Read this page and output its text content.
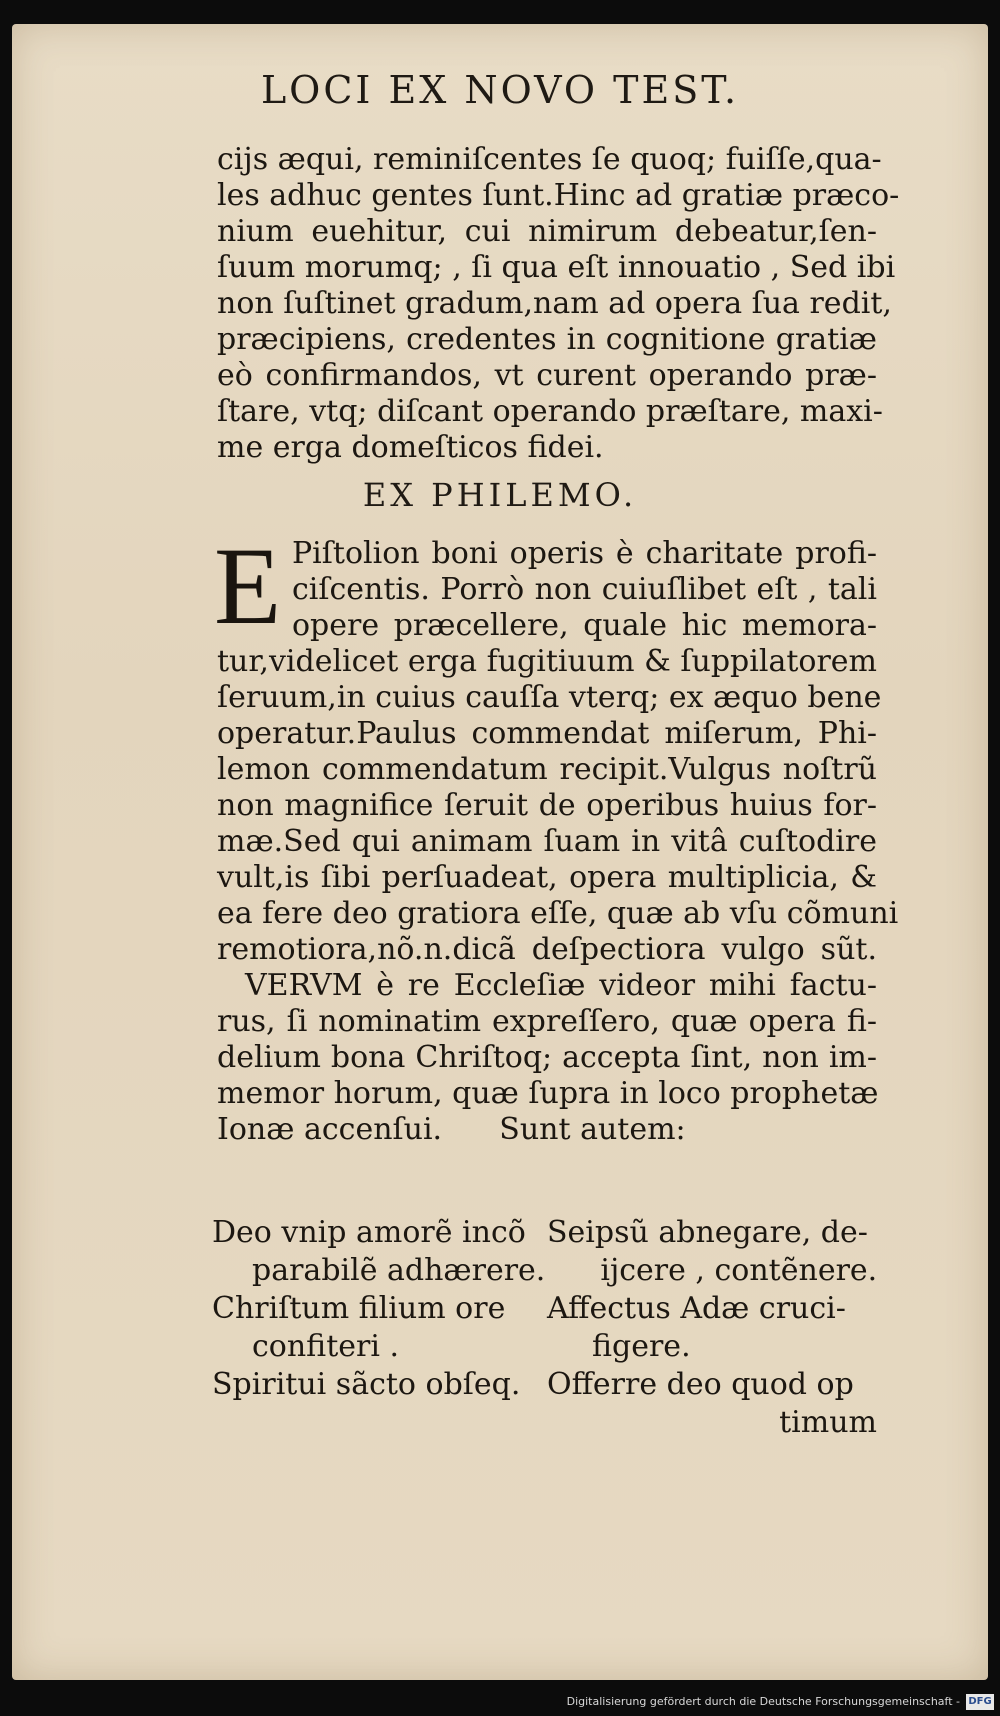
LOCI EX NOVO TEST.
cijs æqui, reminiſcentes ſe quoq; fuiſſe,qua-
les adhuc gentes ſunt.Hinc ad gratiæ præco-
nium euehitur, cui nimirum debeatur,ſen-
ſuum morumq; , ſi qua eſt innouatio , Sed ibi
non ſuſtinet gradum,nam ad opera ſua redit,
præcipiens, credentes in cognitione gratiæ
eò confirmandos, vt curent operando præ-
ſtare, vtq; diſcant operando præſtare, maxi-
me erga domeſticos fidei.
EX PHILEMO.
E Piſtolion boni operis è charitate profi-
ciſcentis. Porrò non cuiuſlibet eſt , tali
opere præcellere, quale hic memora-
tur,videlicet erga fugitiuum & ſuppilatorem
ſeruum,in cuius cauſſa vterq; ex æquo bene
operatur.Paulus commendat miſerum, Phi-
lemon commendatum recipit.Vulgus noſtrũ
non magnifice ſeruit de operibus huius for-
mæ.Sed qui animam ſuam in vitâ cuſtodire
vult,is ſibi perſuadeat, opera multiplicia, &
ea fere deo gratiora eſſe, quæ ab vſu cõmuni
remotiora,nõ.n.dicã deſpectiora vulgo sũt.
VERVM è re Eccleſiæ videor mihi factu-
rus, ſi nominatim expreſſero, quæ opera fi-
delium bona Chriſtoq; accepta ſint, non im-
memor horum, quæ ſupra in loco prophetæ
Ionæ accenſui.      Sunt autem:
Deo vnip amorẽ incõ Seipsũ abnegare, de-
parabilẽ adhærere.	ijcere , contẽnere.
Chriſtum filium ore	Affectus Adæ cruci-
confiteri .	figere.
Spiritui sãcto obſeq. Offerre deo quod op
timum
Digitalisierung gefördert durch die Deutsche Forschungsgemeinschaft - DFG
